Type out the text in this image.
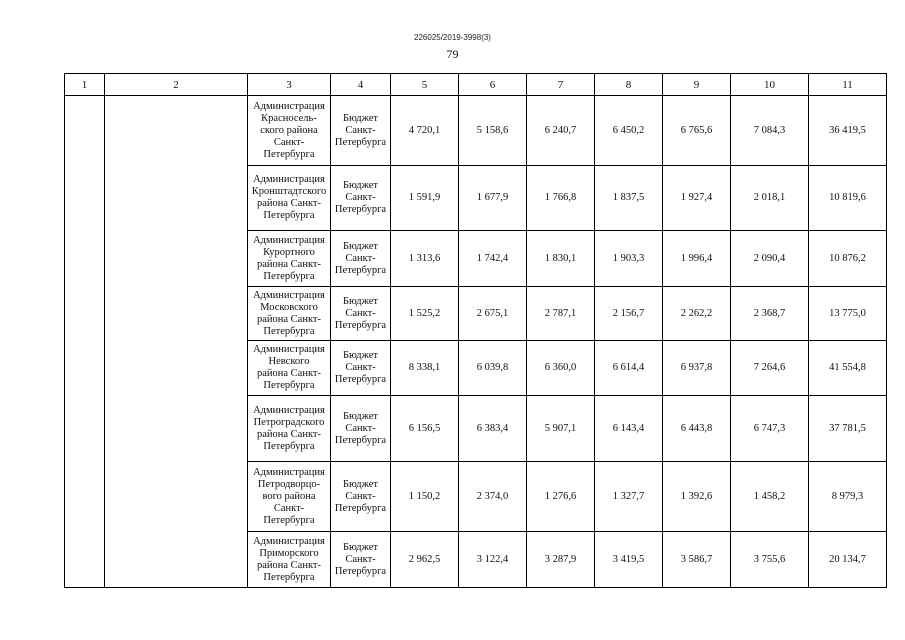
226025/2019-3998(3)
79
1	2	3	4	5	6	7	8	9	10	11
		Администрация
Красносель-
ского района
Санкт-
Петербурга	Бюджет
Санкт-
Петербурга	4 720,1	5 158,6	6 240,7	6 450,2	6 765,6	7 084,3	36 419,5
		Администрация
Кронштадтского
района Санкт-
Петербурга	Бюджет
Санкт-
Петербурга	1 591,9	1 677,9	1 766,8	1 837,5	1 927,4	2 018,1	10 819,6
		Администрация
Курортного
района Санкт-
Петербурга	Бюджет
Санкт-
Петербурга	1 313,6	1 742,4	1 830,1	1 903,3	1 996,4	2 090,4	10 876,2
		Администрация
Московского
района Санкт-
Петербурга	Бюджет
Санкт-
Петербурга	1 525,2	2 675,1	2 787,1	2 156,7	2 262,2	2 368,7	13 775,0
		Администрация
Невского
района Санкт-
Петербурга	Бюджет
Санкт-
Петербурга	8 338,1	6 039,8	6 360,0	6 614,4	6 937,8	7 264,6	41 554,8
		Администрация
Петроградского
района Санкт-
Петербурга	Бюджет
Санкт-
Петербурга	6 156,5	6 383,4	5 907,1	6 143,4	6 443,8	6 747,3	37 781,5
		Администрация
Петродворцо-
вого района
Санкт-
Петербурга	Бюджет
Санкт-
Петербурга	1 150,2	2 374,0	1 276,6	1 327,7	1 392,6	1 458,2	8 979,3
		Администрация
Приморского
района Санкт-
Петербурга	Бюджет
Санкт-
Петербурга	2 962,5	3 122,4	3 287,9	3 419,5	3 586,7	3 755,6	20 134,7
